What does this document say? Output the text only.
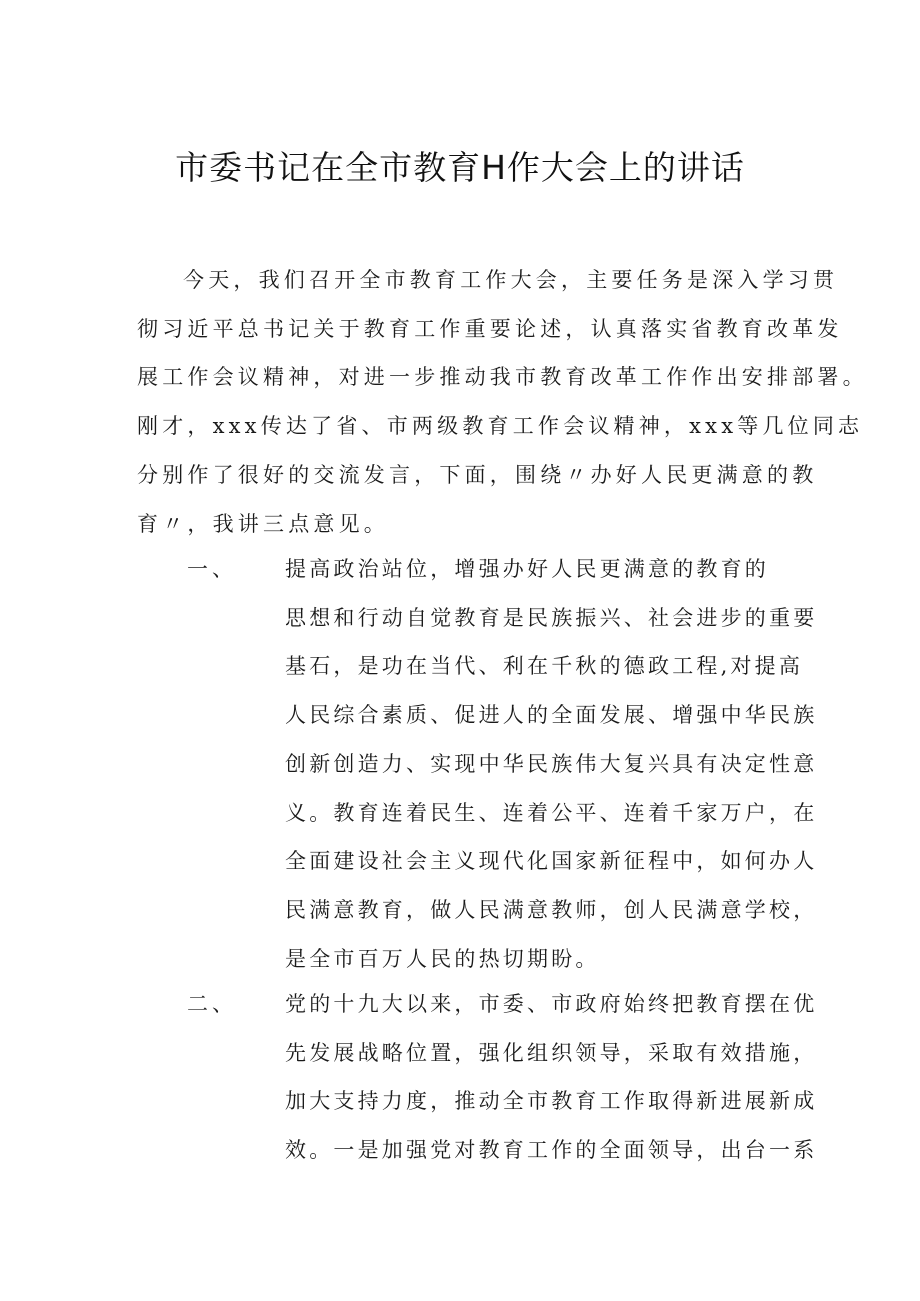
市委书记在全市教育H作大会上的讲话

今天，我们召开全市教育工作大会，主要任务是深入学习贯
彻习近平总书记关于教育工作重要论述，认真落实省教育改革发
展工作会议精神，对进一步推动我市教育改革工作作出安排部署。
刚才，xxx传达了省、市两级教育工作会议精神，xxx等几位同志
分别作了很好的交流发言，下面，围绕〃办好人民更满意的教
育〃，我讲三点意见。

一、 提高政治站位，增强办好人民更满意的教育的
思想和行动自觉教育是民族振兴、社会进步的重要
基石，是功在当代、利在千秋的德政工程,对提高
人民综合素质、促进人的全面发展、增强中华民族
创新创造力、实现中华民族伟大复兴具有决定性意
义。教育连着民生、连着公平、连着千家万户，在
全面建设社会主义现代化国家新征程中，如何办人
民满意教育，做人民满意教师，创人民满意学校，
是全市百万人民的热切期盼。
二、 党的十九大以来，市委、市政府始终把教育摆在优
先发展战略位置，强化组织领导，采取有效措施，
加大支持力度，推动全市教育工作取得新进展新成
效。一是加强党对教育工作的全面领导，出台一系
